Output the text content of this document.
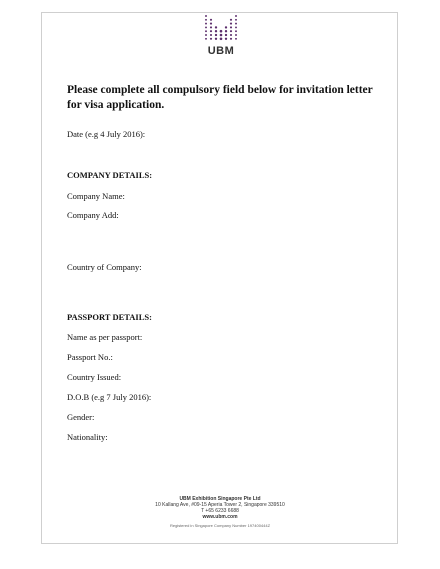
UBM
Please complete all compulsory field below for invitation letter for visa application.
Date (e.g 4 July 2016):
COMPANY DETAILS:
Company Name:
Company Add:
Country of Company:
PASSPORT DETAILS:
Name as per passport:
Passport No.:
Country Issued:
D.O.B (e.g 7 July 2016):
Gender:
Nationality:
UBM Exhibition Singapore Pte Ltd
10 Kallang Ave, #09-15 Aperia Tower 2, Singapore 339510
T +65 6233 6688
www.ubm.com
Registered in Singapore Company Number 197400444Z
